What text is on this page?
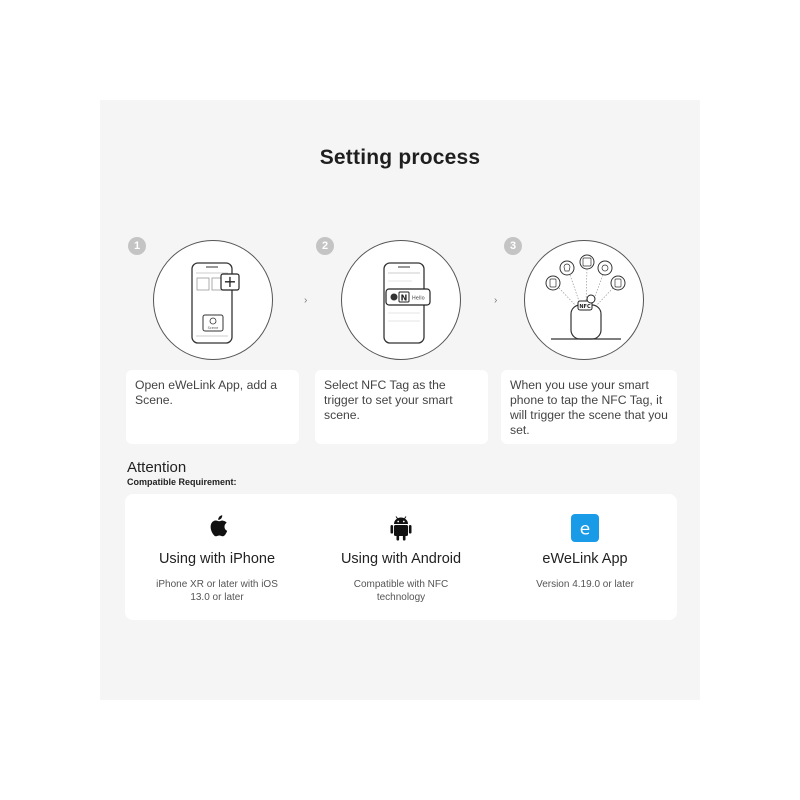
Setting process
1
+
Scene
›
2
N Hello	›
3
NFC
Open eWeLink App, add a Scene.
Select NFC Tag as the trigger to set your smart scene.
When you use your smart phone to tap the NFC Tag, it will trigger the scene that you set.
Attention
Compatible Requirement:
Using with iPhone
iPhone XR or later with iOS 13.0 or later
Using with Android
Compatible with NFC technology
e
eWeLink App
Version 4.19.0 or later
